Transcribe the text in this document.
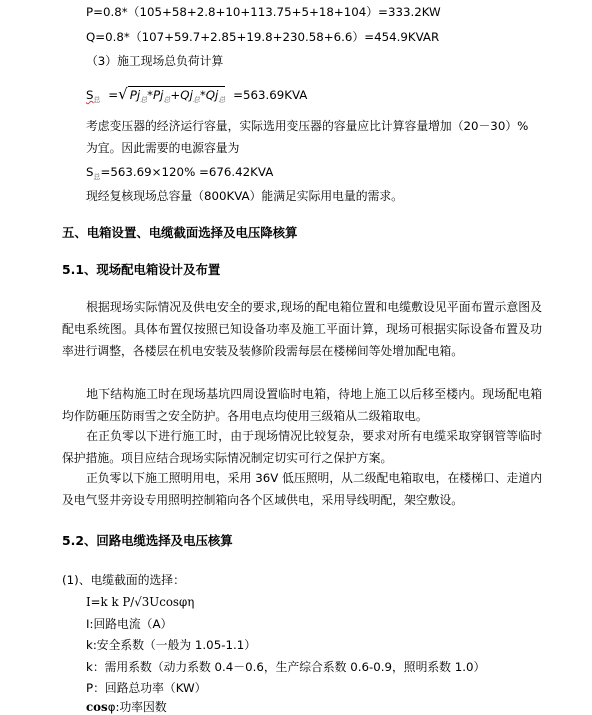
P=0.8*（105+58+2.8+10+113.75+5+18+104）=333.2KW
Q=0.8*（107+59.7+2.85+19.8+230.58+6.6）=454.9KVAR
（3）施工现场总负荷计算
$S_总$ =√ $Pj_总*Pj_总+Qj_总*Qj_总 =563.69KVA$
考虑变压器的经济运行容量，实际选用变压器的容量应比计算容量增加（20－30）%
为宜。因此需要的电源容量为
$S_总=563.69\times 120\% =676.42KVA$
现经复核现场总容量（800KVA）能满足实际用电量的需求。
五、电箱设置、电缆截面选择及电压降核算
5.1、现场配电箱设计及布置
根据现场实际情况及供电安全的要求,现场的配电箱位置和电缆敷设见平面布置示意图及配电系统图。具体布置仅按照已知设备功率及施工平面计算，现场可根据实际设备布置及功率进行调整，各楼层在机电安装及装修阶段需每层在楼梯间等处增加配电箱。
地下结构施工时在现场基坑四周设置临时电箱，待地上施工以后移至楼内。现场配电箱均作防砸压防雨雪之安全防护。各用电点均使用三级箱从二级箱取电。
在正负零以下进行施工时，由于现场情况比较复杂，要求对所有电缆采取穿钢管等临时保护措施。项目应结合现场实际情况制定切实可行之保护方案。
正负零以下施工照明用电，采用 36V 低压照明，从二级配电箱取电，在楼梯口、走道内及电气竖井旁设专用照明控制箱向各个区域供电，采用导线明配，架空敷设。
5.2、回路电缆选择及电压核算
(1)、电缆截面的选择：
I=k k P/√3Ucosφη
I:回路电流（A）
k:安全系数（一般为 1.05-1.1）
k：需用系数（动力系数 0.4－0.6，生产综合系数 0.6-0.9，照明系数 1.0）
P：回路总功率（KW）
cosφ:功率因数
